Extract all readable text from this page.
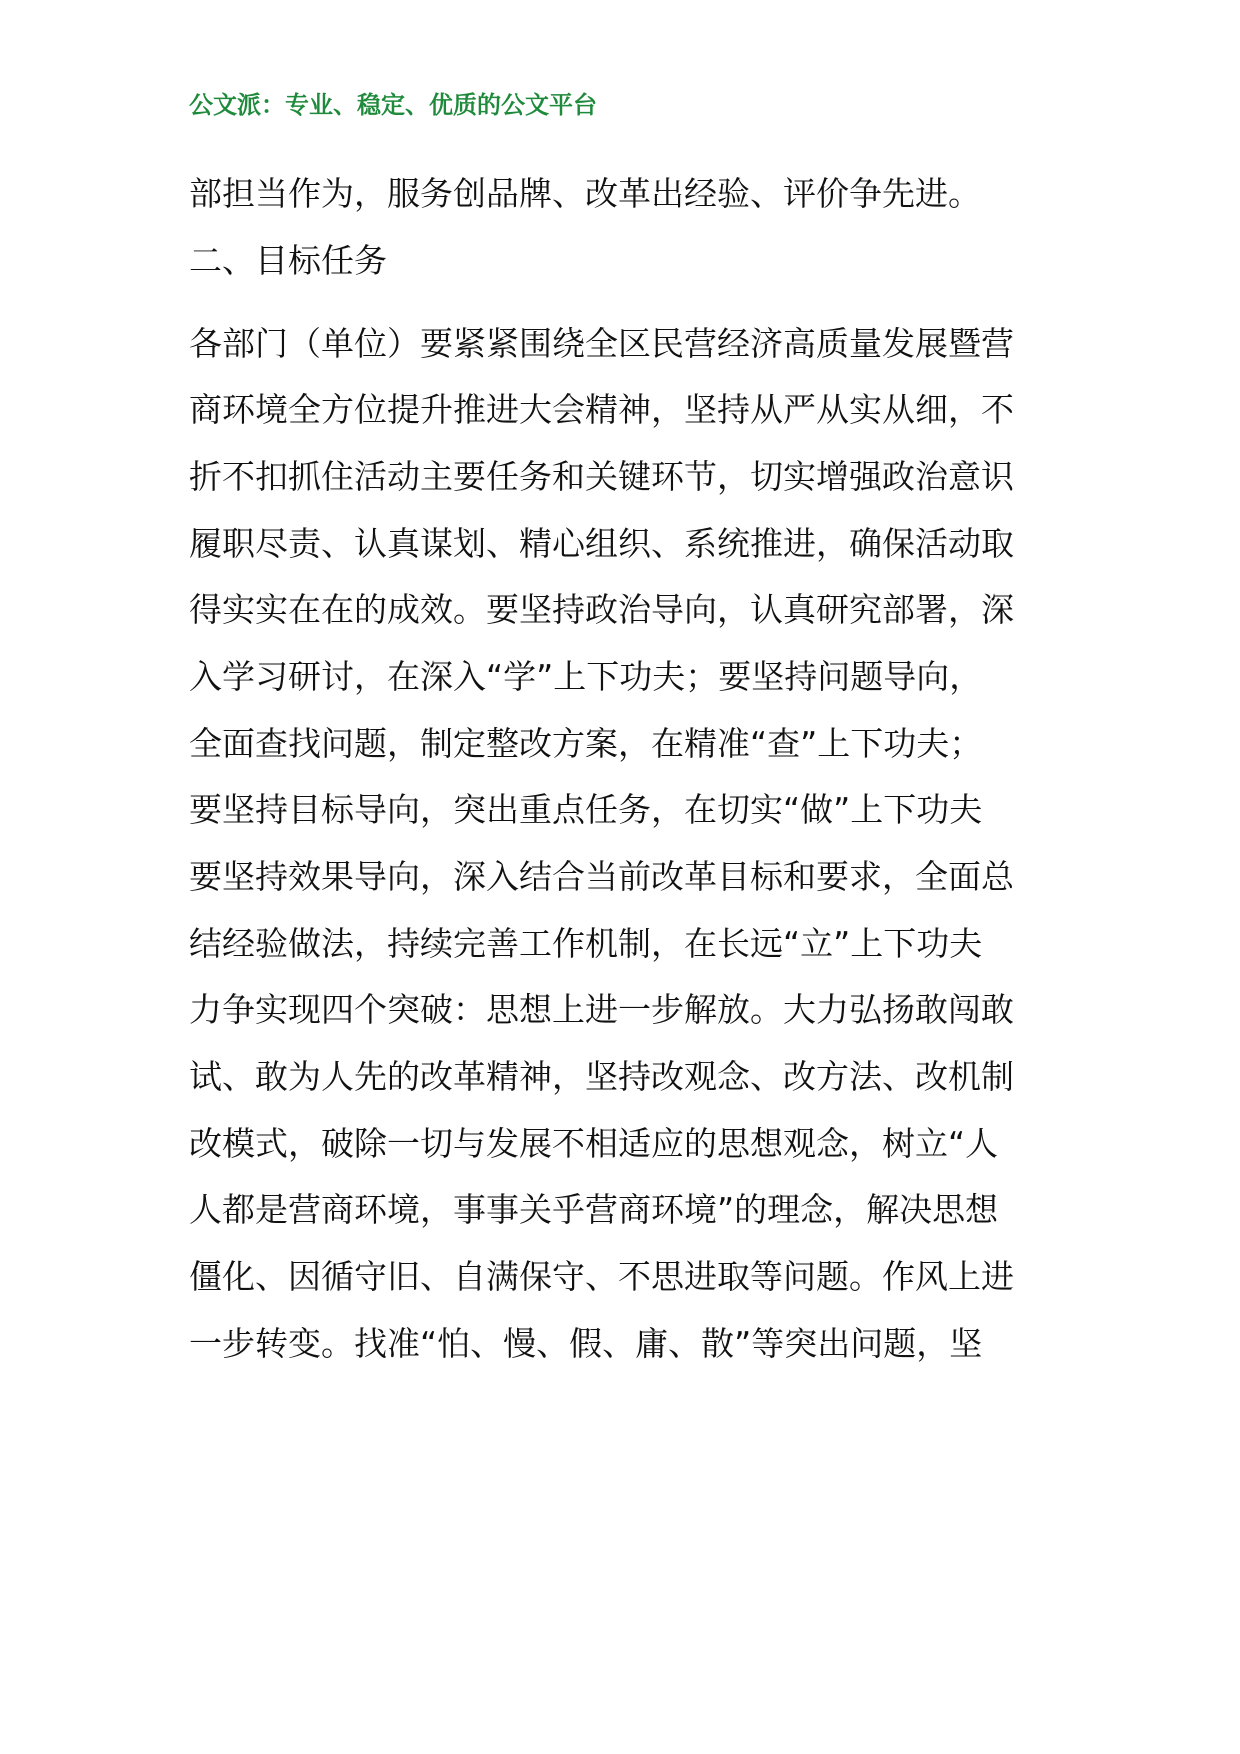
公文派：专业、稳定、优质的公文平台
部担当作为，服务创品牌、改革出经验、评价争先进。
二、目标任务
各部门（单位）要紧紧围绕全区民营经济高质量发展暨营
商环境全方位提升推进大会精神，坚持从严从实从细，不
折不扣抓住活动主要任务和关键环节，切实增强政治意识
履职尽责、认真谋划、精心组织、系统推进，确保活动取
得实实在在的成效。要坚持政治导向，认真研究部署，深
入学习研讨，在深入“学”上下功夫；要坚持问题导向，
全面查找问题，制定整改方案，在精准“查”上下功夫；
要坚持目标导向，突出重点任务，在切实“做”上下功夫
要坚持效果导向，深入结合当前改革目标和要求，全面总
结经验做法，持续完善工作机制，在长远“立”上下功夫
力争实现四个突破：思想上进一步解放。大力弘扬敢闯敢
试、敢为人先的改革精神，坚持改观念、改方法、改机制
改模式，破除一切与发展不相适应的思想观念，树立“人
人都是营商环境，事事关乎营商环境”的理念，解决思想
僵化、因循守旧、自满保守、不思进取等问题。作风上进
一步转变。找准“怕、慢、假、庸、散”等突出问题，坚
